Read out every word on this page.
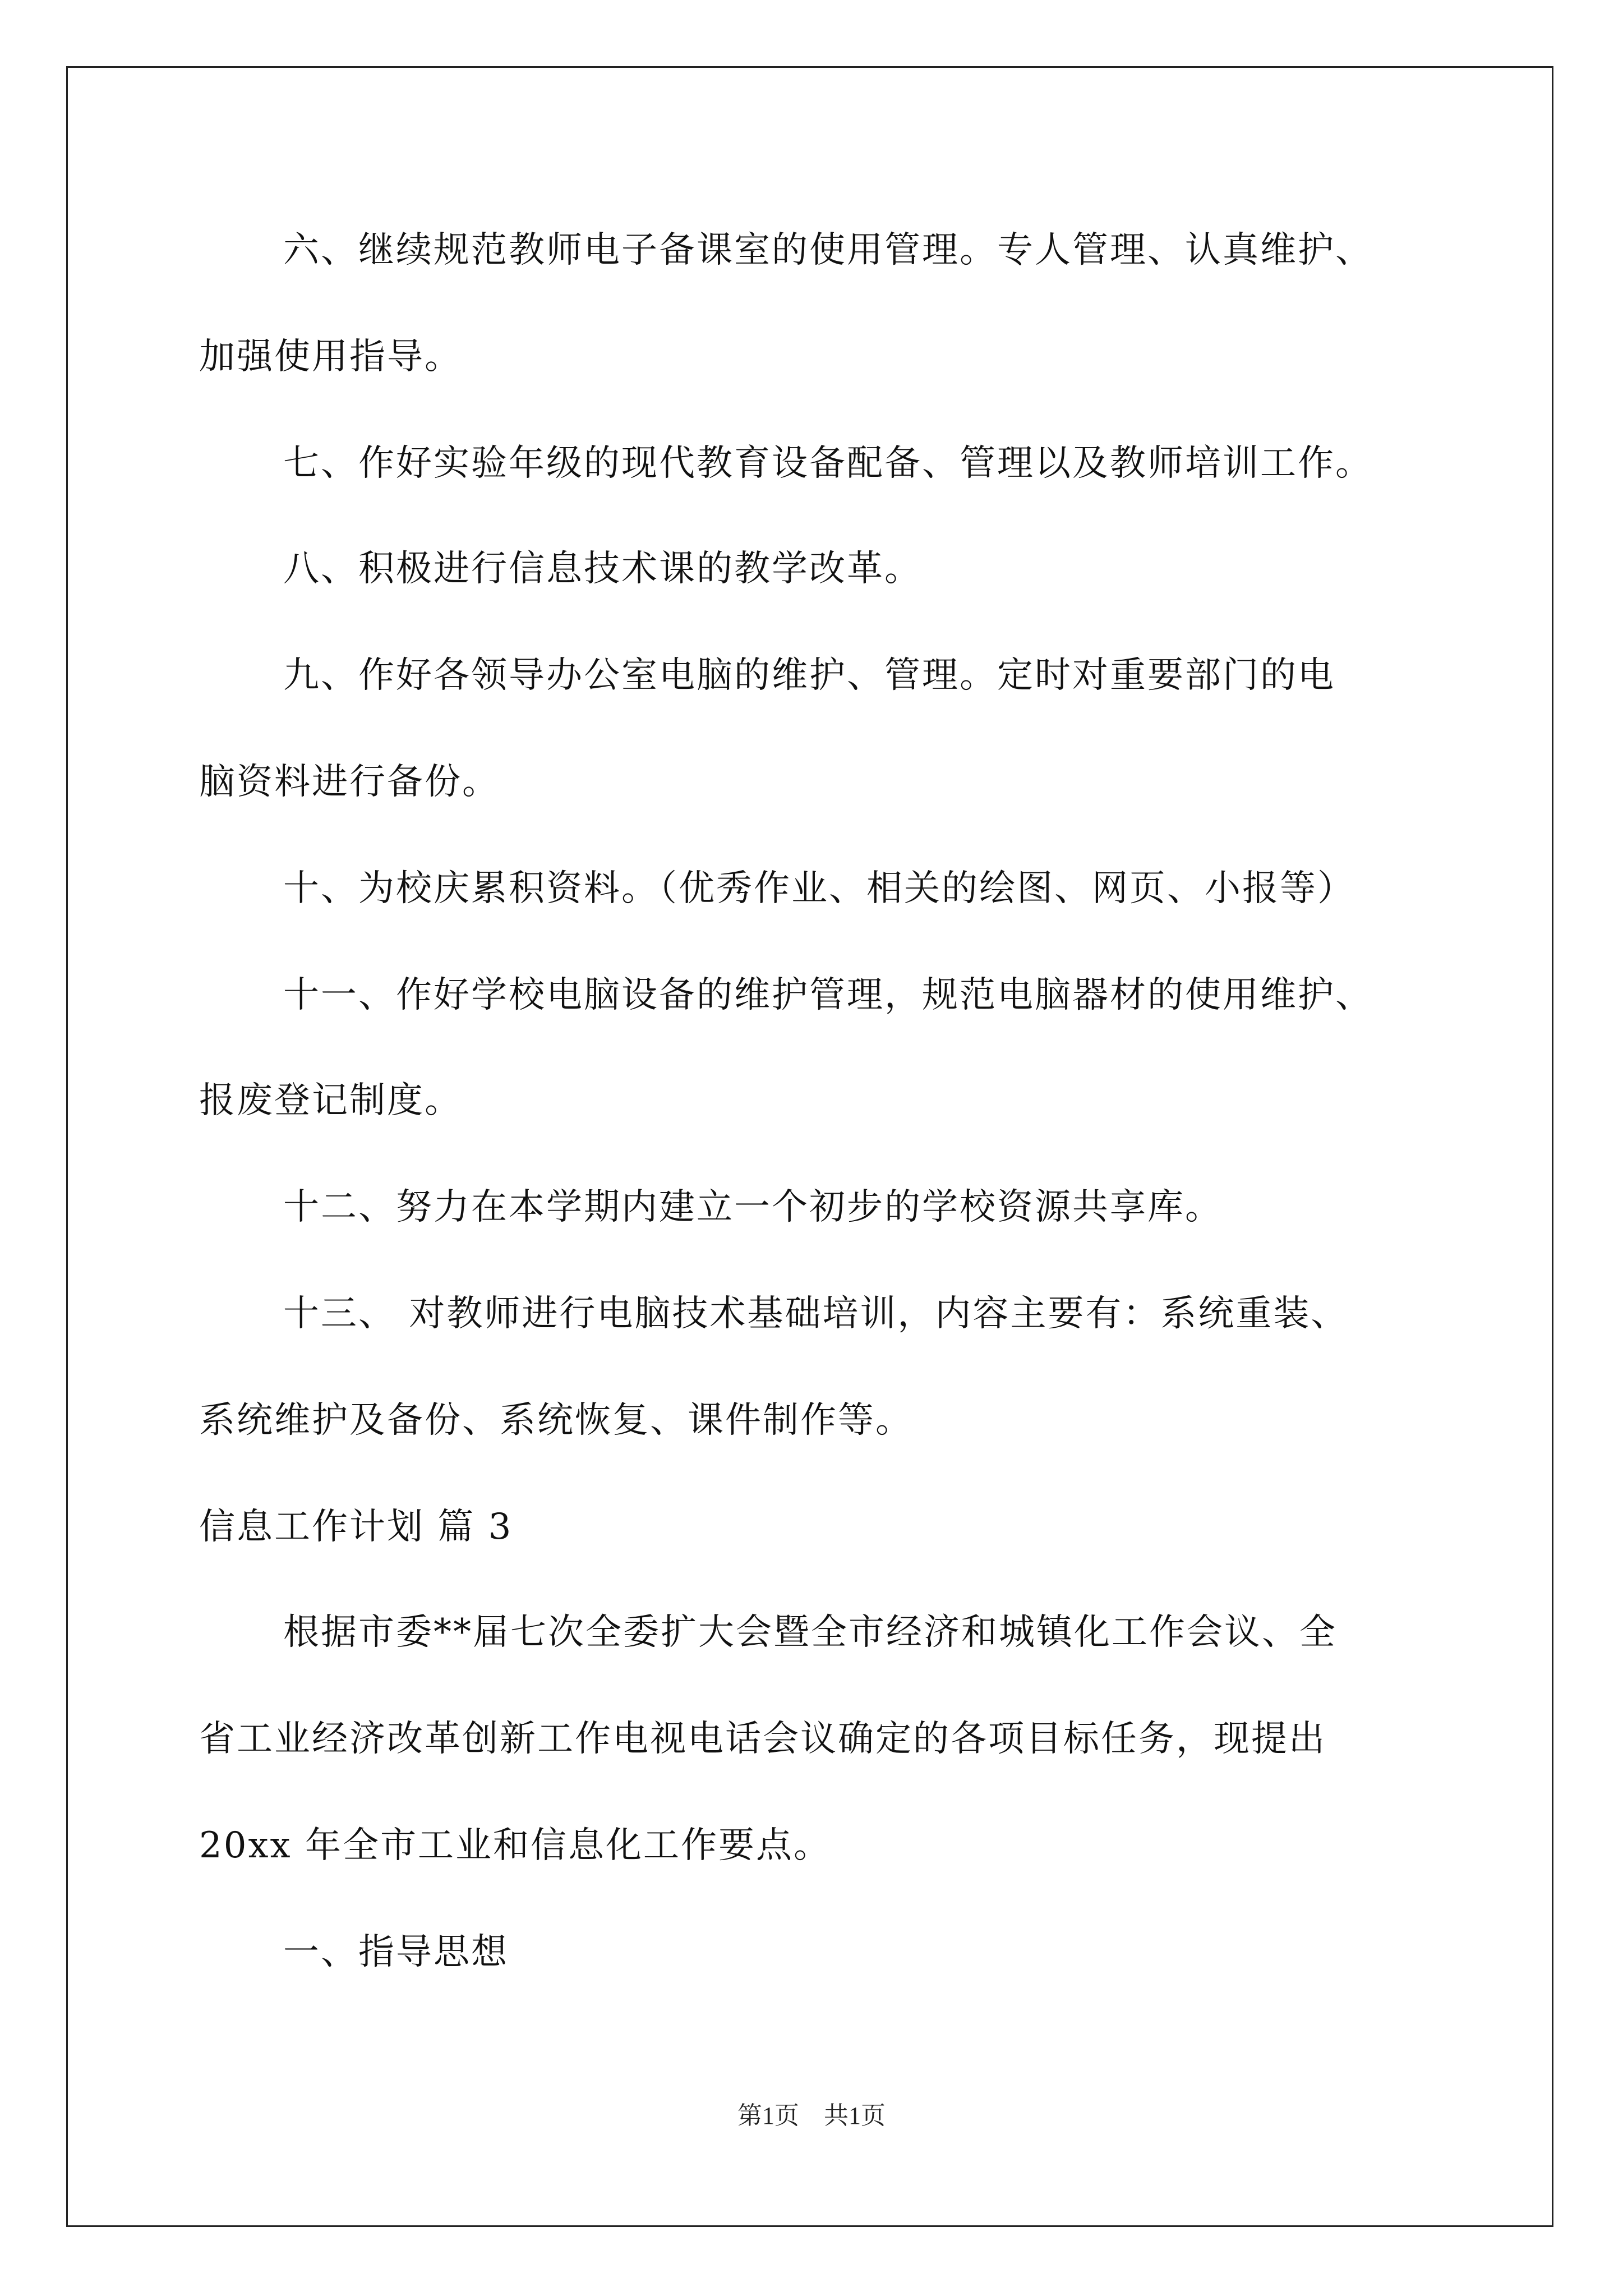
六、继续规范教师电子备课室的使用管理。专人管理、认真维护、
加强使用指导。
七、作好实验年级的现代教育设备配备、管理以及教师培训工作。
八、积极进行信息技术课的教学改革。
九、作好各领导办公室电脑的维护、管理。定时对重要部门的电
脑资料进行备份。
十、为校庆累积资料。（优秀作业、相关的绘图、网页、小报等）
十一、作好学校电脑设备的维护管理，规范电脑器材的使用维护、
报废登记制度。
十二、努力在本学期内建立一个初步的学校资源共享库。
十三、 对教师进行电脑技术基础培训，内容主要有：系统重装、
系统维护及备份、系统恢复、课件制作等。
信息工作计划 篇 3
根据市委**届七次全委扩大会暨全市经济和城镇化工作会议、全
省工业经济改革创新工作电视电话会议确定的各项目标任务，现提出
20xx 年全市工业和信息化工作要点。
一、指导思想
第1页　共1页
